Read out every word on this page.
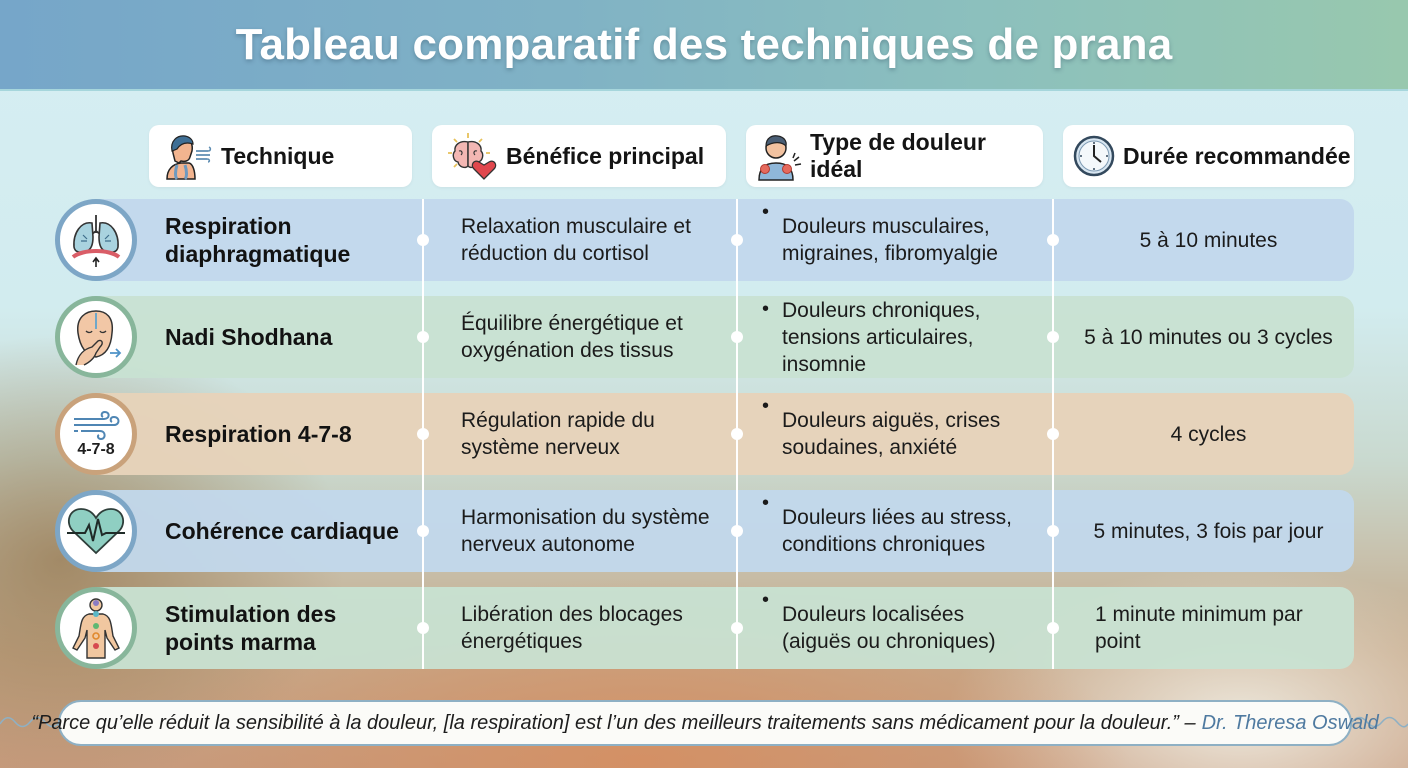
Tableau comparatif des techniques de prana
Technique	Bénéfice principal
Type de douleur idéal
Durée recommandée
4-7-8
Respiration diaphragmatique
Relaxation musculaire et réduction du cortisol
•
Douleurs musculaires, migraines, fibromyalgie
5 à 10 minutes
Nadi Shodhana
Équilibre énergétique et oxygénation des tissus
• Douleurs chroniques, tensions articulaires, insomnie
5 à 10 minutes ou 3 cycles
Respiration 4-7-8
Régulation rapide du système nerveux
•
Douleurs aiguës, crises soudaines, anxiété
4 cycles
Cohérence cardiaque
Harmonisation du système nerveux autonome
•
Douleurs liées au stress, conditions chroniques
5 minutes, 3 fois par jour
Stimulation des points marma
Libération des blocages énergétiques
•
Douleurs localisées (aiguës ou chroniques)
1 minute minimum par point
“Parce qu’elle réduit la sensibilité à la douleur, [la respiration] est l’un des meilleurs traitements sans médicament pour la douleur.” – Dr. Theresa Oswald
